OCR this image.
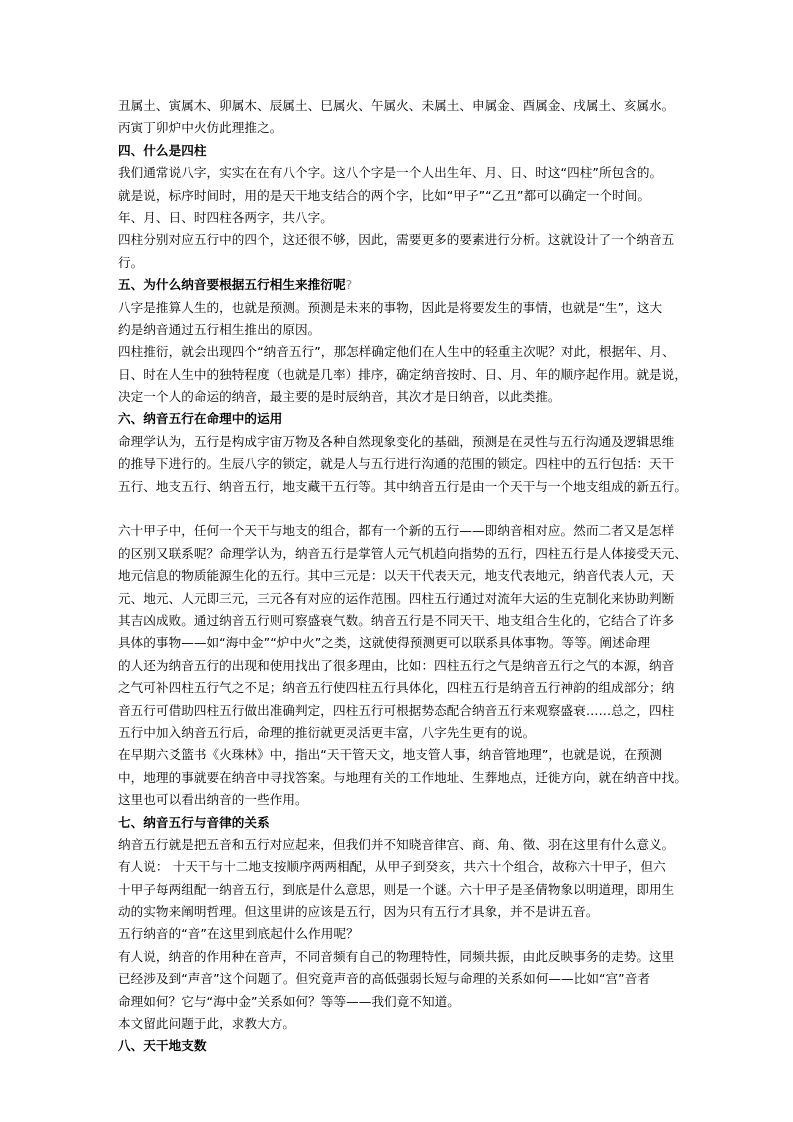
丑属土、寅属木、卯属木、辰属土、巳属火、午属火、未属土、申属金、酉属金、戌属土、亥属水。
丙寅丁卯炉中火仿此理推之。
四、什么是四柱
我们通常说八字，实实在在有八个字。这八个字是一个人出生年、月、日、时这“四柱”所包含的。
就是说，标序时间时，用的是天干地支结合的两个字，比如“甲子”“乙丑”都可以确定一个时间。
年、月、日、时四柱各两字，共八字。
四柱分别对应五行中的四个，这还很不够，因此，需要更多的要素进行分析。这就设计了一个纳音五
行。
五、为什么纳音要根据五行相生来推衍呢?
八字是推算人生的，也就是预测。预测是未来的事物，因此是将要发生的事情，也就是“生”，这大
约是纳音通过五行相生推出的原因。
四柱推衍，就会出现四个“纳音五行”，那怎样确定他们在人生中的轻重主次呢？对此，根据年、月、
日、时在人生中的独特程度（也就是几率）排序，确定纳音按时、日、月、年的顺序起作用。就是说，
决定一个人的命运的纳音，最主要的是时辰纳音，其次才是日纳音，以此类推。
六、纳音五行在命理中的运用
命理学认为，五行是构成宇宙万物及各种自然现象变化的基础，预测是在灵性与五行沟通及逻辑思维
的推导下进行的。生辰八字的锁定，就是人与五行进行沟通的范围的锁定。四柱中的五行包括：天干
五行、地支五行、纳音五行，地支藏干五行等。其中纳音五行是由一个天干与一个地支组成的新五行。
六十甲子中，任何一个天干与地支的组合，都有一个新的五行——即纳音相对应。然而二者又是怎样
的区别又联系呢？命理学认为，纳音五行是掌管人元气机趋向指势的五行，四柱五行是人体接受天元、
地元信息的物质能源生化的五行。其中三元是：以天干代表天元，地支代表地元，纳音代表人元，天
元、地元、人元即三元，三元各有对应的运作范围。四柱五行通过对流年大运的生克制化来协助判断
其吉凶成败。通过纳音五行则可察盛衰气数。纳音五行是不同天干、地支组合生化的，它结合了许多
具体的事物——如“海中金”“炉中火”之类，这就使得预测更可以联系具体事物。等等。阐述命理
的人还为纳音五行的出现和使用找出了很多理由，比如：四柱五行之气是纳音五行之气的本源，纳音
之气可补四柱五行气之不足；纳音五行使四柱五行具体化，四柱五行是纳音五行神韵的组成部分；纳
音五行可借助四柱五行做出准确判定，四柱五行可根据势态配合纳音五行来观察盛衰……总之，四柱
五行中加入纳音五行后，命理的推衍就更灵活更丰富，八字先生更有的说。
在早期六爻篮书《火珠林》中，指出“天干管天文，地支管人事，纳音管地理”，也就是说，在预测
中，地理的事就要在纳音中寻找答案。与地理有关的工作地址、生葬地点，迁徙方向，就在纳音中找。
这里也可以看出纳音的一些作用。
七、纳音五行与音律的关系
纳音五行就是把五音和五行对应起来，但我们并不知晓音律宫、商、角、徵、羽在这里有什么意义。
有人说： 十天干与十二地支按顺序两两相配，从甲子到癸亥，共六十个组合，故称六十甲子，但六
十甲子每两组配一纳音五行，到底是什么意思，则是一个谜。六十甲子是圣倩物象以明道理，即用生
动的实物来阐明哲理。但这里讲的应该是五行，因为只有五行才具象，并不是讲五音。
五行纳音的“音”在这里到底起什么作用呢？
有人说，纳音的作用种在音声，不同音频有自己的物理特性，同频共振，由此反映事务的走势。这里
已经涉及到“声音”这个问题了。但究竟声音的高低强弱长短与命理的关系如何——比如“宫”音者
命理如何？它与“海中金”关系如何？等等——我们竟不知道。
本文留此问题于此，求教大方。
八、天干地支数
